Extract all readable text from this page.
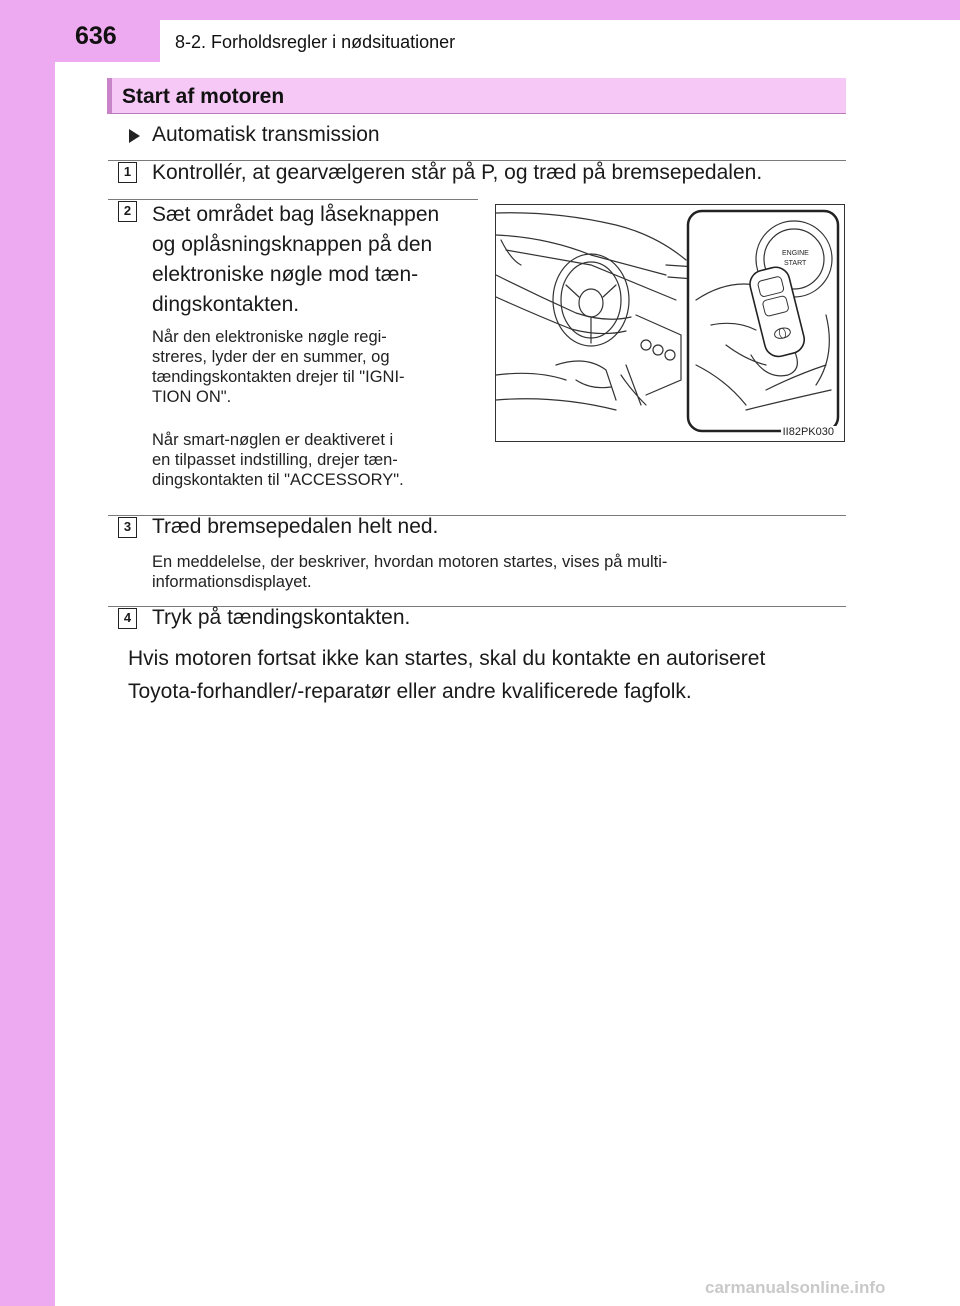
636	8-2. Forholdsregler i nødsituationer
Start af motoren
Automatisk transmission
1 Kontrollér, at gearvælgeren står på P, og træd på bremsepedalen.
2 Sæt området bag låseknappen
og oplåsningsknappen på den
elektroniske nøgle mod tæn-
dingskontakten.
Når den elektroniske nøgle regi-
streres, lyder der en summer, og
tændingskontakten drejer til "IGNI-
TION ON".
Når smart-nøglen er deaktiveret i
en tilpasset indstilling, drejer tæn-
dingskontakten til "ACCESSORY".
ENGINE
START
II82PK030
3 Træd bremsepedalen helt ned.
En meddelelse, der beskriver, hvordan motoren startes, vises på multi-
informationsdisplayet.
4 Tryk på tændingskontakten.
Hvis motoren fortsat ikke kan startes, skal du kontakte en autoriseret
Toyota-forhandler/-reparatør eller andre kvalificerede fagfolk.
carmanualsonline.info
